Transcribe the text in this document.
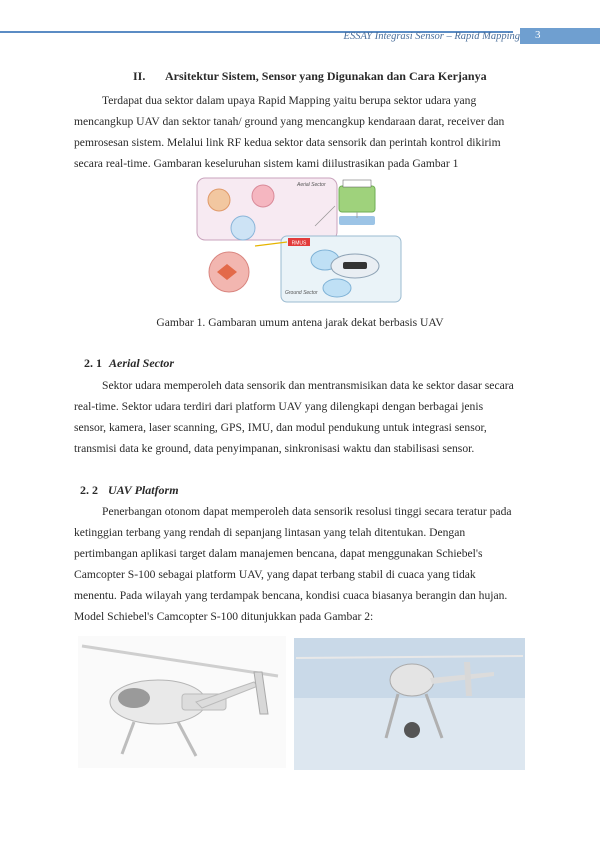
ESSAY Integrasi Sensor – Rapid Mapping 3
II. Arsitektur Sistem, Sensor yang Digunakan dan Cara Kerjanya
Terdapat dua sektor dalam upaya Rapid Mapping yaitu berupa sektor udara yang
mencangkup UAV dan sektor tanah/ ground yang mencangkup kendaraan darat, receiver dan
pemrosesan sistem. Melalui link RF kedua sektor data sensorik dan perintah kontrol dikirim
secara real-time. Gambaran keseluruhan sistem kami diilustrasikan pada Gambar 1
RMUS
Aerial Sector
Ground Sector
Gambar 1. Gambaran umum antena jarak dekat berbasis UAV
2. 1 Aerial Sector
Sektor udara memperoleh data sensorik dan mentransmisikan data ke sektor dasar secara
real-time. Sektor udara terdiri dari platform UAV yang dilengkapi dengan berbagai jenis
sensor, kamera, laser scanning, GPS, IMU, dan modul pendukung untuk integrasi sensor,
transmisi data ke ground, data penyimpanan, sinkronisasi waktu dan stabilisasi sensor.
2. 2 UAV Platform
Penerbangan otonom dapat memperoleh data sensorik resolusi tinggi secara teratur pada
ketinggian terbang yang rendah di sepanjang lintasan yang telah ditentukan. Dengan
pertimbangan aplikasi target dalam manajemen bencana, dapat menggunakan Schiebel's
Camcopter S-100 sebagai platform UAV, yang dapat terbang stabil di cuaca yang tidak
menentu. Pada wilayah yang terdampak bencana, kondisi cuaca biasanya berangin dan hujan.
Model Schiebel's Camcopter S-100 ditunjukkan pada Gambar 2:
